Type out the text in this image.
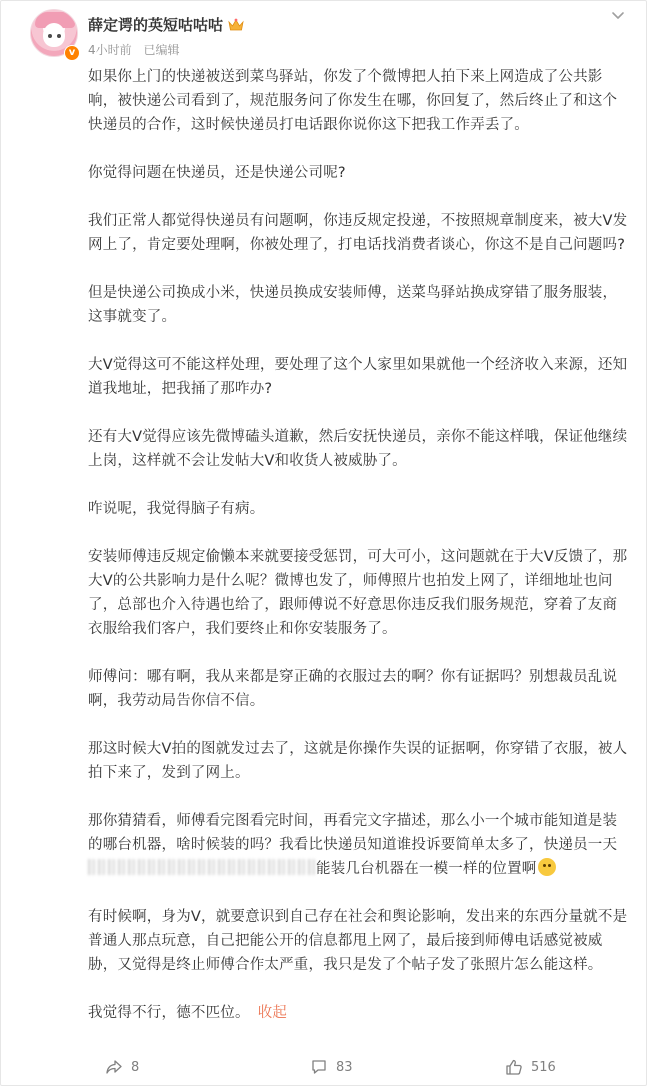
v
薛定谔的英短咕咕咕
4小时前 已编辑

如果你上门的快递被送到菜鸟驿站，你发了个微博把人拍下来上网造成了公共影响，被快递公司看到了，规范服务问了你发生在哪，你回复了，然后终止了和这个快递员的合作，这时候快递员打电话跟你说你这下把我工作弄丢了。

你觉得问题在快递员，还是快递公司呢?

我们正常人都觉得快递员有问题啊，你违反规定投递，不按照规章制度来，被大V发网上了，肯定要处理啊，你被处理了，打电话找消费者谈心，你这不是自己问题吗?

但是快递公司换成小米，快递员换成安装师傅，送菜鸟驿站换成穿错了服务服装，这事就变了。

大V觉得这可不能这样处理，要处理了这个人家里如果就他一个经济收入来源，还知道我地址，把我捅了那咋办?

还有大V觉得应该先微博磕头道歉，然后安抚快递员，亲你不能这样哦，保证他继续上岗，这样就不会让发帖大V和收货人被威胁了。

咋说呢，我觉得脑子有病。

安装师傅违反规定偷懒本来就要接受惩罚，可大可小，这问题就在于大V反馈了，那大V的公共影响力是什么呢？微博也发了，师傅照片也拍发上网了，详细地址也问了，总部也介入待遇也给了，跟师傅说不好意思你违反我们服务规范，穿着了友商衣服给我们客户，我们要终止和你安装服务了。

师傅问：哪有啊，我从来都是穿正确的衣服过去的啊？你有证据吗？别想裁员乱说啊，我劳动局告你信不信。

那这时候大V拍的图就发过去了，这就是你操作失误的证据啊，你穿错了衣服，被人拍下来了，发到了网上。

那你猜猜看，师傅看完图看完时间，再看完文字描述，那么小一个城市能知道是装的哪台机器，啥时候装的吗？我看比快递员知道谁投诉要简单太多了，快递员一天能装几台机器在一模一样的位置啊

有时候啊，身为V，就要意识到自己存在社会和舆论影响，发出来的东西分量就不是普通人那点玩意，自己把能公开的信息都甩上网了，最后接到师傅电话感觉被威胁，又觉得是终止师傅合作太严重，我只是发了个帖子发了张照片怎么能这样。

我觉得不行，德不匹位。 收起

8	83	516
